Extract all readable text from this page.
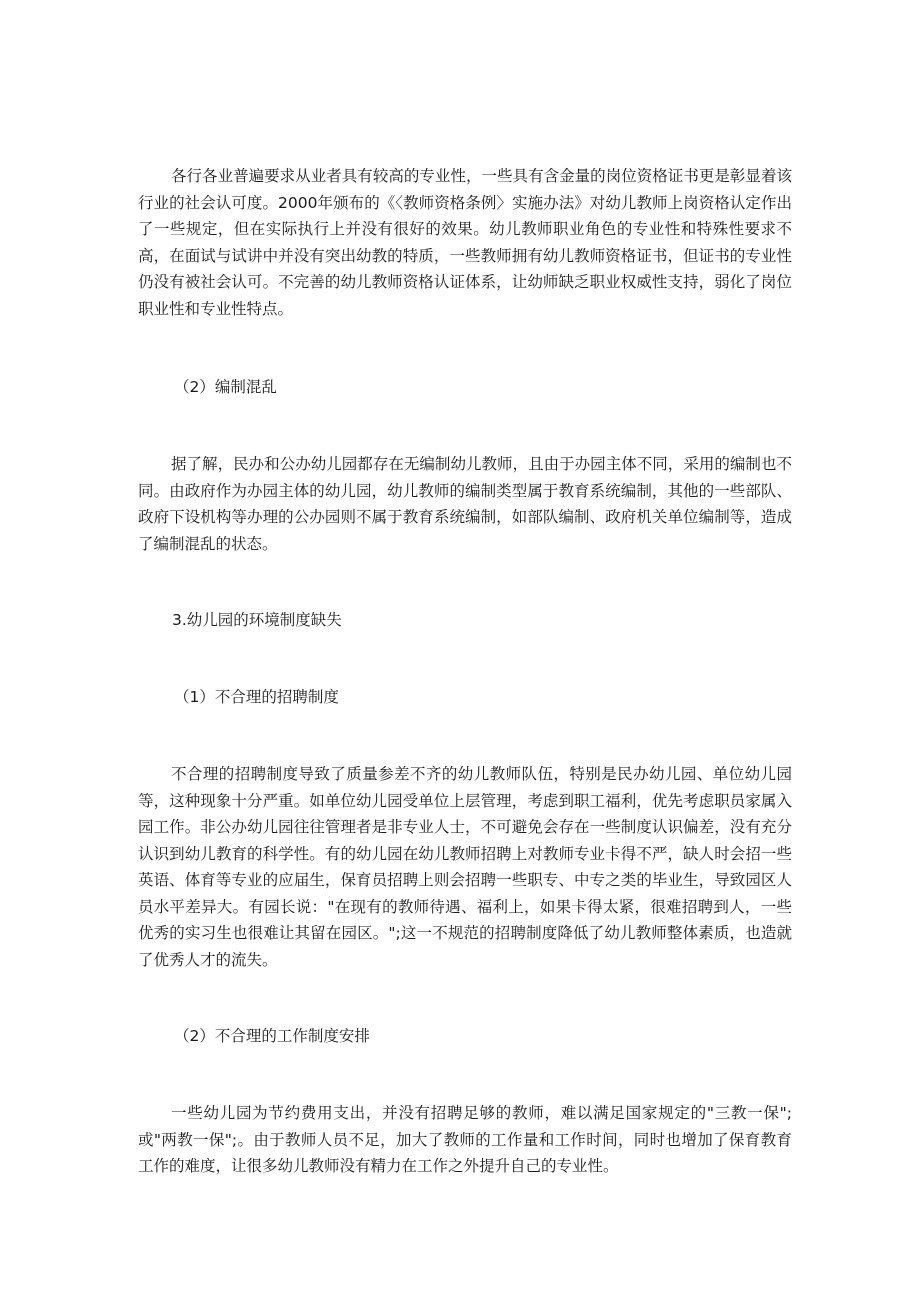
各行各业普遍要求从业者具有较高的专业性，一些具有含金量的岗位资格证书更是彰显着该行业的社会认可度。2000年颁布的《〈教师资格条例〉实施办法》对幼儿教师上岗资格认定作出了一些规定，但在实际执行上并没有很好的效果。幼儿教师职业角色的专业性和特殊性要求不高，在面试与试讲中并没有突出幼教的特质，一些教师拥有幼儿教师资格证书，但证书的专业性仍没有被社会认可。不完善的幼儿教师资格认证体系，让幼师缺乏职业权威性支持，弱化了岗位职业性和专业性特点。

（2）编制混乱

据了解，民办和公办幼儿园都存在无编制幼儿教师，且由于办园主体不同，采用的编制也不同。由政府作为办园主体的幼儿园，幼儿教师的编制类型属于教育系统编制，其他的一些部队、政府下设机构等办理的公办园则不属于教育系统编制，如部队编制、政府机关单位编制等，造成了编制混乱的状态。

3.幼儿园的环境制度缺失

（1）不合理的招聘制度

不合理的招聘制度导致了质量参差不齐的幼儿教师队伍，特别是民办幼儿园、单位幼儿园等，这种现象十分严重。如单位幼儿园受单位上层管理，考虑到职工福利，优先考虑职员家属入园工作。非公办幼儿园往往管理者是非专业人士，不可避免会存在一些制度认识偏差，没有充分认识到幼儿教育的科学性。有的幼儿园在幼儿教师招聘上对教师专业卡得不严，缺人时会招一些英语、体育等专业的应届生，保育员招聘上则会招聘一些职专、中专之类的毕业生，导致园区人员水平差异大。有园长说："在现有的教师待遇、福利上，如果卡得太紧，很难招聘到人，一些优秀的实习生也很难让其留在园区。";这一不规范的招聘制度降低了幼儿教师整体素质，也造就了优秀人才的流失。

（2）不合理的工作制度安排

一些幼儿园为节约费用支出，并没有招聘足够的教师，难以满足国家规定的"三教一保";或"两教一保";。由于教师人员不足，加大了教师的工作量和工作时间，同时也增加了保育教育工作的难度，让很多幼儿教师没有精力在工作之外提升自己的专业性。
